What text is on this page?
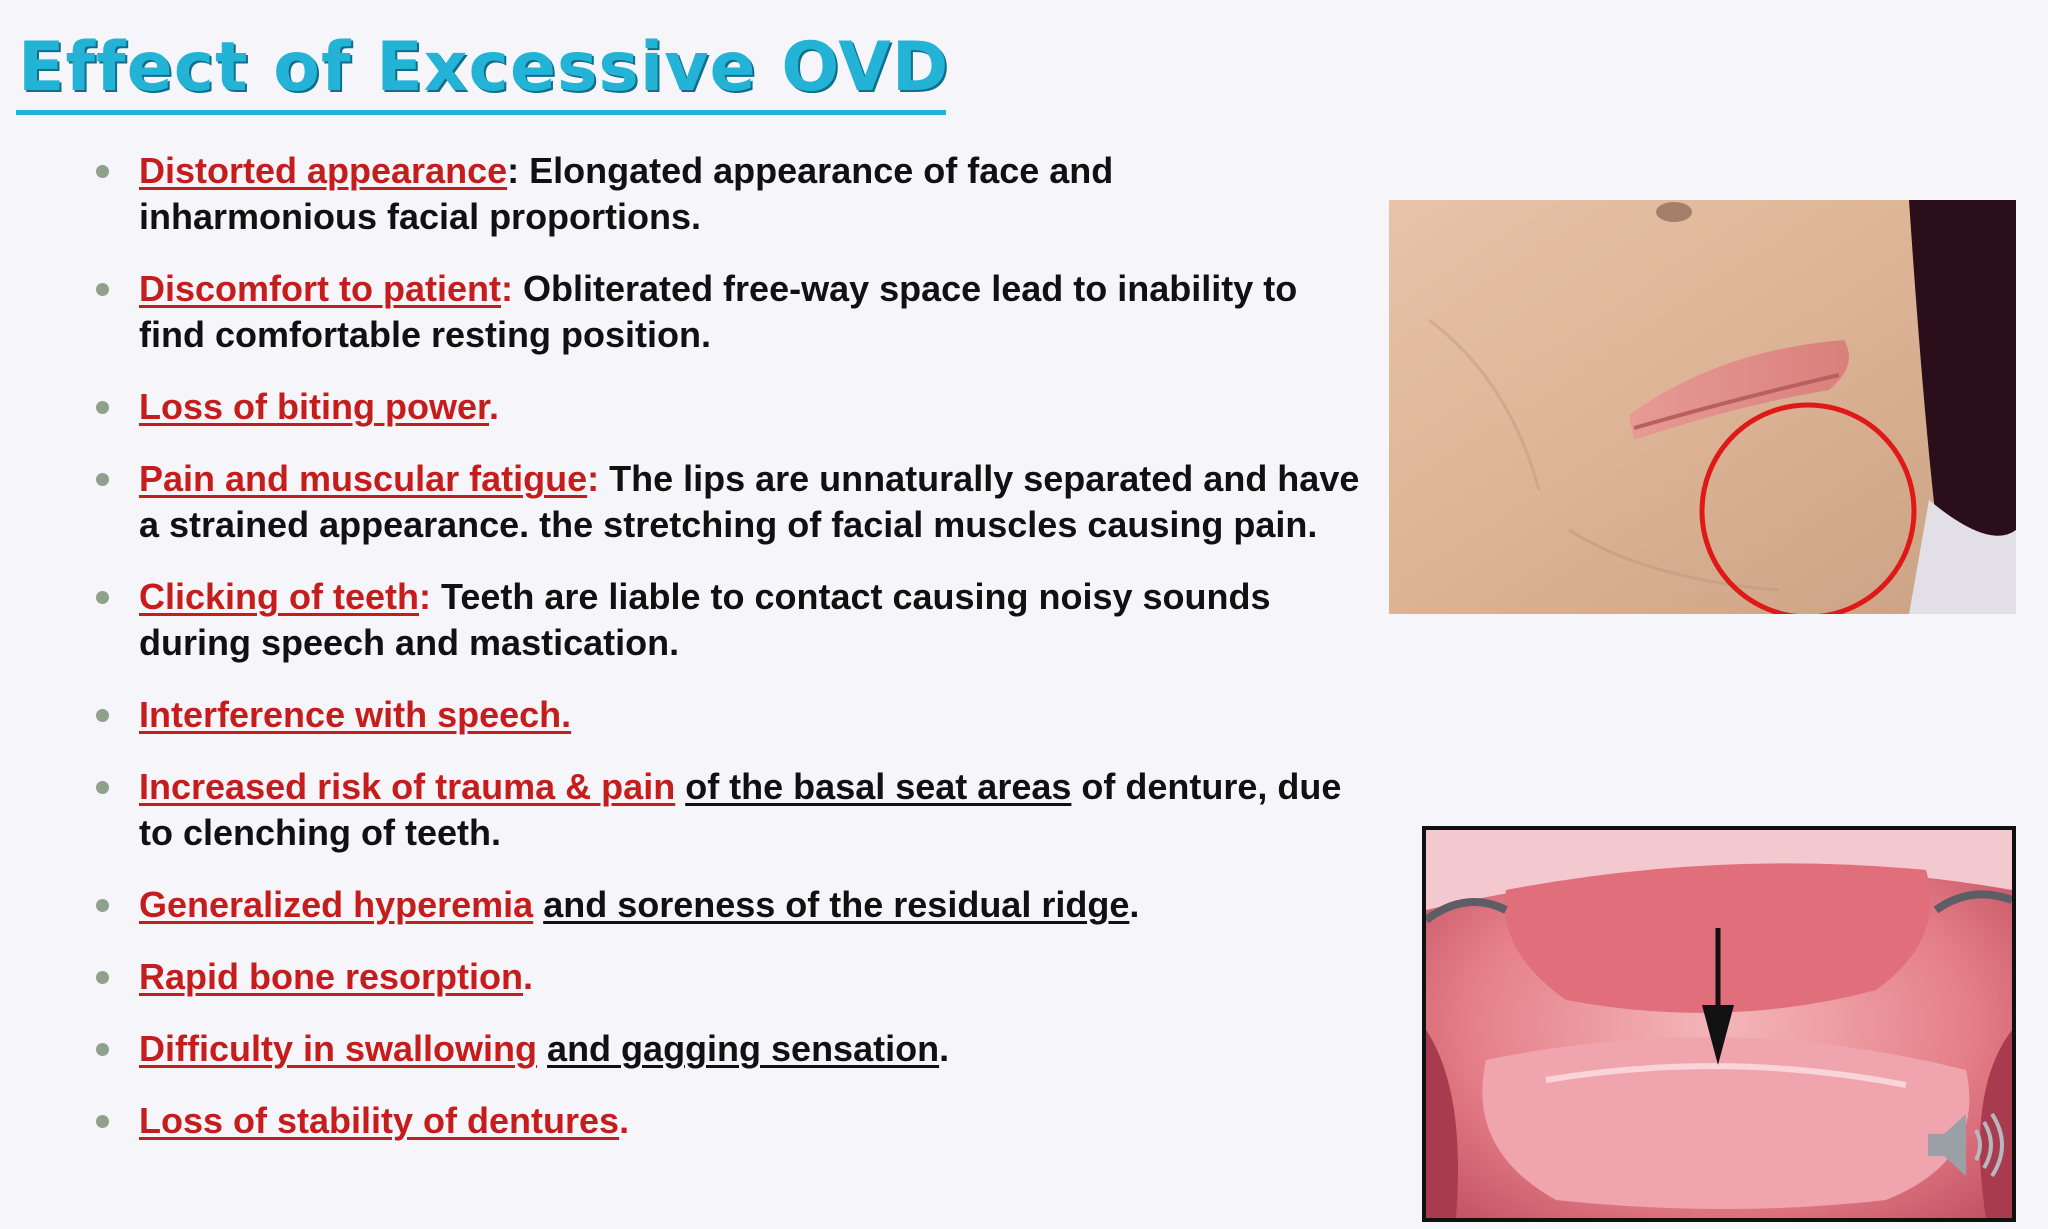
Effect of Excessive OVD
Distorted appearance: Elongated appearance of face and inharmonious facial proportions.
Discomfort to patient: Obliterated free-way space lead to inability to find comfortable resting position.
Loss of biting power.
Pain and muscular fatigue: The lips are unnaturally separated and have a strained appearance. the stretching of facial muscles causing pain.
Clicking of teeth: Teeth are liable to contact causing noisy sounds during speech and mastication.
Interference with speech.
Increased risk of trauma & pain of the basal seat areas of denture, due to clenching of teeth.
Generalized hyperemia and soreness of the residual ridge.
Rapid bone resorption.
Difficulty in swallowing and gagging sensation.
Loss of stability of dentures.
